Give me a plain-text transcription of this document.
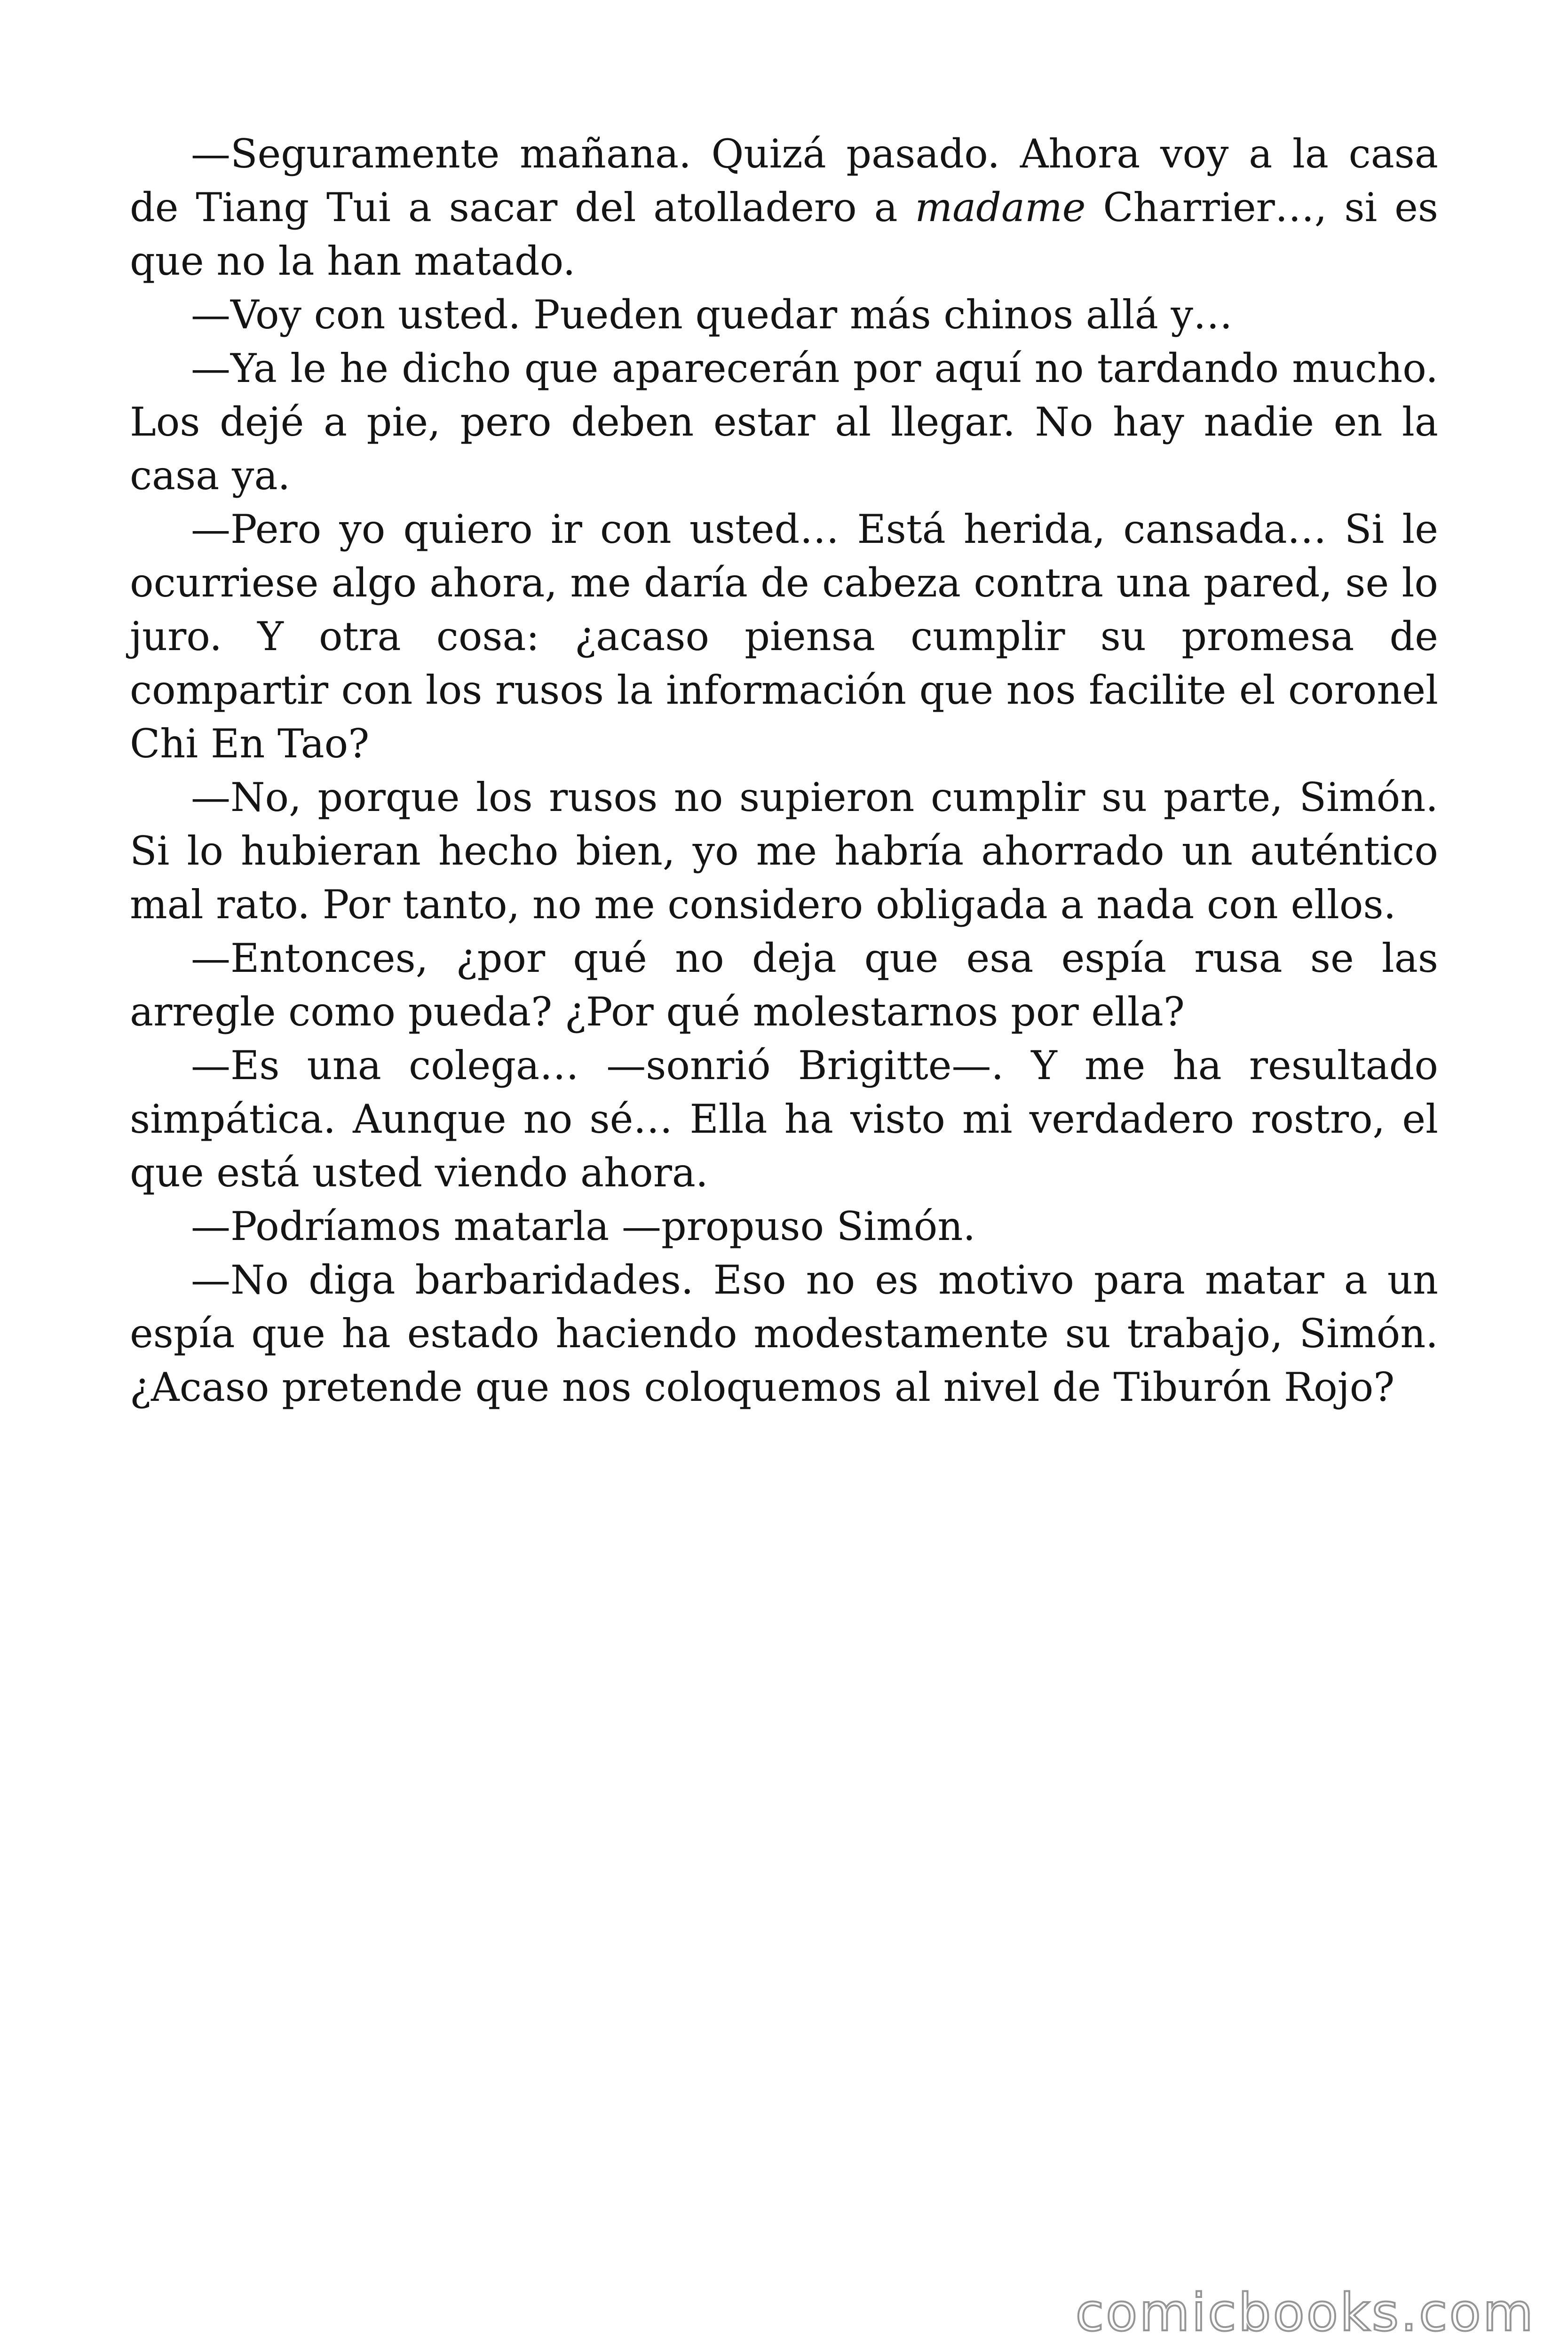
—Seguramente mañana. Quizá pasado. Ahora voy a la casa de Tiang Tui a sacar del atolladero a madame Charrier…, si es que no la han matado.

—Voy con usted. Pueden quedar más chinos allá y…

—Ya le he dicho que aparecerán por aquí no tardando mucho. Los dejé a pie, pero deben estar al llegar. No hay nadie en la casa ya.

—Pero yo quiero ir con usted… Está herida, cansada… Si le ocurriese algo ahora, me daría de cabeza contra una pared, se lo juro. Y otra cosa: ¿acaso piensa cumplir su promesa de compartir con los rusos la información que nos facilite el coronel Chi En Tao?

—No, porque los rusos no supieron cumplir su parte, Simón. Si lo hubieran hecho bien, yo me habría ahorrado un auténtico mal rato. Por tanto, no me considero obligada a nada con ellos.

—Entonces, ¿por qué no deja que esa espía rusa se las arregle como pueda? ¿Por qué molestarnos por ella?

—Es una colega… —sonrió Brigitte—. Y me ha resultado simpática. Aunque no sé… Ella ha visto mi verdadero rostro, el que está usted viendo ahora.

—Podríamos matarla —propuso Simón.

—No diga barbaridades. Eso no es motivo para matar a un espía que ha estado haciendo modestamente su trabajo, Simón. ¿Acaso pretende que nos coloquemos al nivel de Tiburón Rojo?

comicbooks.com
